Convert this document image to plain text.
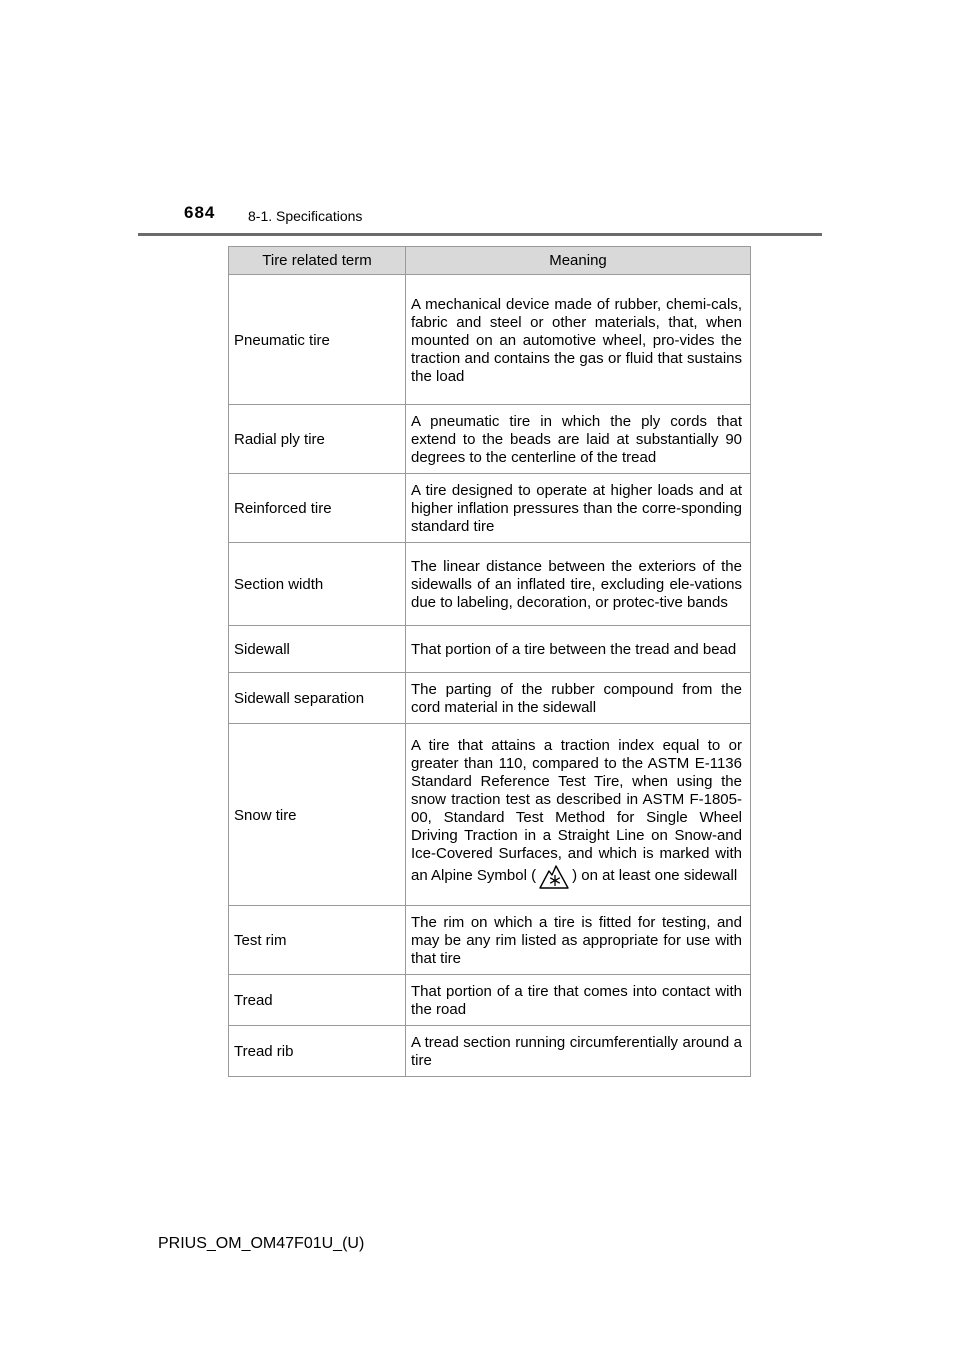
684 8-1. Specifications
Tire related term	Meaning
Pneumatic tire	A mechanical device made of rubber, chemi-cals, fabric and steel or other materials, that, when mounted on an automotive wheel, pro-vides the traction and contains the gas or fluid that sustains the load
Radial ply tire	A pneumatic tire in which the ply cords that extend to the beads are laid at substantially 90 degrees to the centerline of the tread
Reinforced tire	A tire designed to operate at higher loads and at higher inflation pressures than the corre-sponding standard tire
Section width	The linear distance between the exteriors of the sidewalls of an inflated tire, excluding ele-vations due to labeling, decoration, or protec-tive bands
Sidewall	That portion of a tire between the tread and bead
Sidewall separation	The parting of the rubber compound from the cord material in the sidewall
Snow tire	A tire that attains a traction index equal to or greater than 110, compared to the ASTM E-1136 Standard Reference Test Tire, when using the snow traction test as described in ASTM F-1805-00, Standard Test Method for Single Wheel Driving Traction in a Straight Line on Snow-and Ice-Covered Surfaces, and which is marked with an Alpine Symbol ( ) on at least one sidewall
Test rim	The rim on which a tire is fitted for testing, and may be any rim listed as appropriate for use with that tire
Tread	That portion of a tire that comes into contact with the road
Tread rib	A tread section running circumferentially around a tire
PRIUS_OM_OM47F01U_(U)
